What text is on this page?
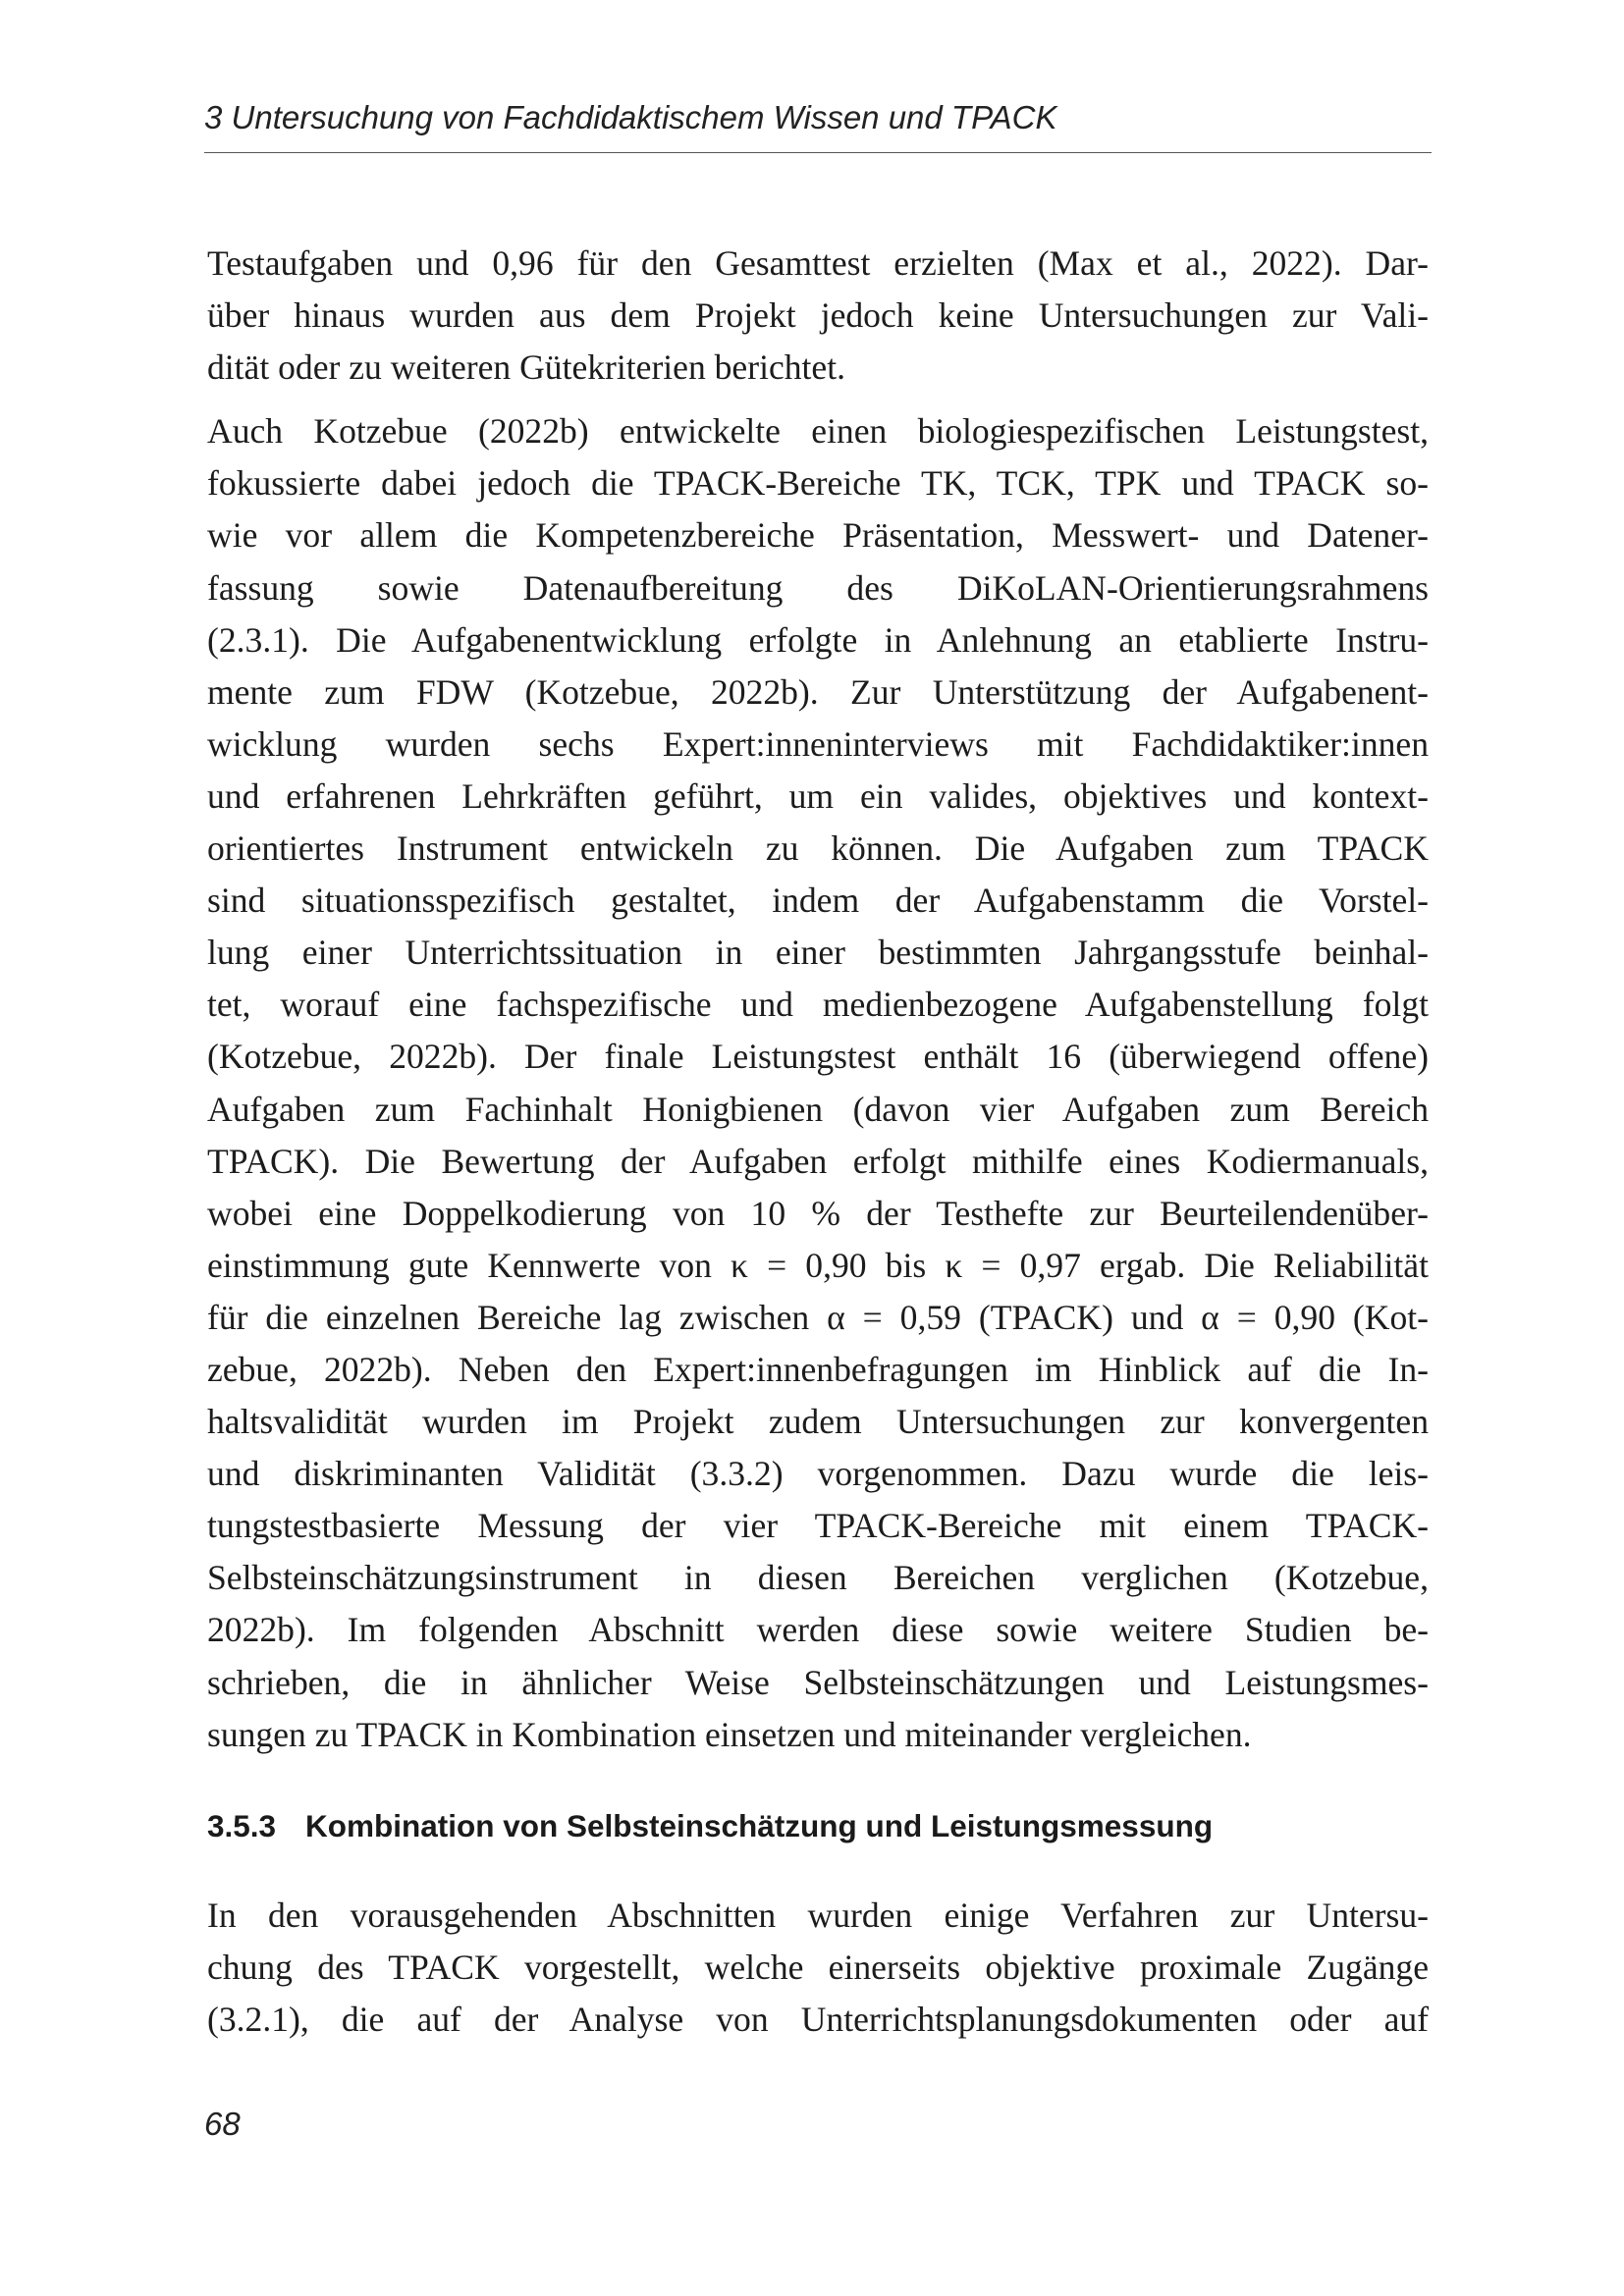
3 Untersuchung von Fachdidaktischem Wissen und TPACK

Testaufgaben und 0,96 für den Gesamttest erzielten (Max et al., 2022). Dar-
über hinaus wurden aus dem Projekt jedoch keine Untersuchungen zur Vali-
dität oder zu weiteren Gütekriterien berichtet.

Auch Kotzebue (2022b) entwickelte einen biologiespezifischen Leistungstest,
fokussierte dabei jedoch die TPACK-Bereiche TK, TCK, TPK und TPACK so-
wie vor allem die Kompetenzbereiche Präsentation, Messwert- und Datener-
fassung sowie Datenaufbereitung des DiKoLAN-Orientierungsrahmens
(2.3.1). Die Aufgabenentwicklung erfolgte in Anlehnung an etablierte Instru-
mente zum FDW (Kotzebue, 2022b). Zur Unterstützung der Aufgabenent-
wicklung wurden sechs Expert:inneninterviews mit Fachdidaktiker:innen
und erfahrenen Lehrkräften geführt, um ein valides, objektives und kontext-
orientiertes Instrument entwickeln zu können. Die Aufgaben zum TPACK
sind situationsspezifisch gestaltet, indem der Aufgabenstamm die Vorstel-
lung einer Unterrichtssituation in einer bestimmten Jahrgangsstufe beinhal-
tet, worauf eine fachspezifische und medienbezogene Aufgabenstellung folgt
(Kotzebue, 2022b). Der finale Leistungstest enthält 16 (überwiegend offene)
Aufgaben zum Fachinhalt Honigbienen (davon vier Aufgaben zum Bereich
TPACK). Die Bewertung der Aufgaben erfolgt mithilfe eines Kodiermanuals,
wobei eine Doppelkodierung von 10 % der Testhefte zur Beurteilendenüber-
einstimmung gute Kennwerte von κ = 0,90 bis κ = 0,97 ergab. Die Reliabilität
für die einzelnen Bereiche lag zwischen α = 0,59 (TPACK) und α = 0,90 (Kot-
zebue, 2022b). Neben den Expert:innenbefragungen im Hinblick auf die In-
haltsvalidität wurden im Projekt zudem Untersuchungen zur konvergenten
und diskriminanten Validität (3.3.2) vorgenommen. Dazu wurde die leis-
tungstestbasierte Messung der vier TPACK-Bereiche mit einem TPACK-
Selbsteinschätzungsinstrument in diesen Bereichen verglichen (Kotzebue,
2022b). Im folgenden Abschnitt werden diese sowie weitere Studien be-
schrieben, die in ähnlicher Weise Selbsteinschätzungen und Leistungsmes-
sungen zu TPACK in Kombination einsetzen und miteinander vergleichen.

3.5.3 Kombination von Selbsteinschätzung und Leistungsmessung

In den vorausgehenden Abschnitten wurden einige Verfahren zur Untersu-
chung des TPACK vorgestellt, welche einerseits objektive proximale Zugänge
(3.2.1), die auf der Analyse von Unterrichtsplanungsdokumenten oder auf

68
